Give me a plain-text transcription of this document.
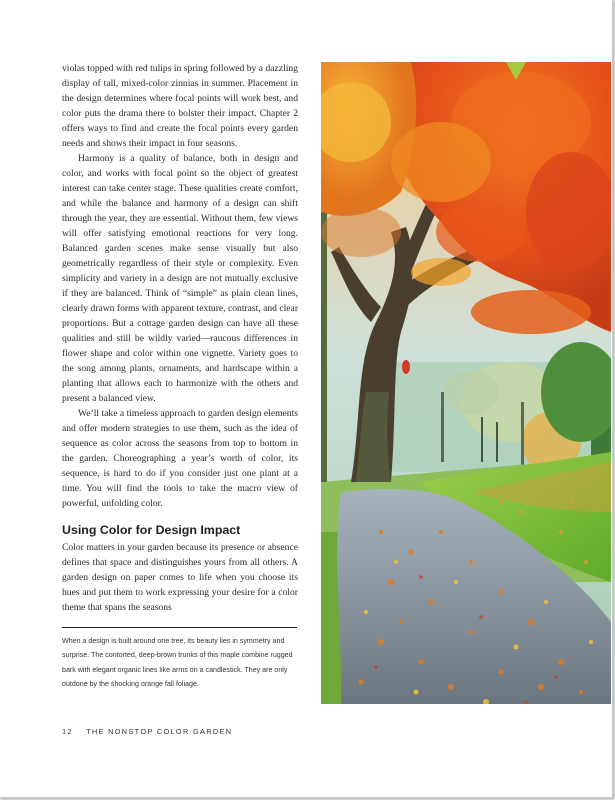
violas topped with red tulips in spring followed by a dazzling display of tall, mixed-color zinnias in summer. Placement in the design determines where focal points will work best, and color puts the drama there to bolster their impact. Chapter 2 offers ways to find and create the focal points every garden needs and shows their impact in four seasons.

Harmony is a quality of balance, both in design and color, and works with focal point so the object of greatest interest can take center stage. These qualities create comfort, and while the balance and harmony of a design can shift through the year, they are essential. Without them, few views will offer satisfying emotional reactions for very long. Balanced garden scenes make sense visually but also geometrically regardless of their style or complexity. Even simplicity and variety in a design are not mutually exclusive if they are balanced. Think of “simple” as plain clean lines, clearly drawn forms with apparent texture, contrast, and clear proportions. But a cottage garden design can have all these qualities and still be wildly varied—raucous differences in flower shape and color within one vignette. Variety goes to the song among plants, ornaments, and hardscape within a planting that allows each to harmonize with the others and present a balanced view.

We’ll take a timeless approach to garden design elements and offer modern strategies to use them, such as the idea of sequence as color across the seasons from top to bottom in the garden. Choreographing a year’s worth of color, its sequence, is hard to do if you consider just one plant at a time. You will find the tools to take the macro view of powerful, unfolding color.

Using Color for Design Impact

Color matters in your garden because its presence or absence defines that space and distinguishes yours from all others. A garden design on paper comes to life when you choose its hues and put them to work expressing your desire for a color theme that spans the seasons

When a design is built around one tree, its beauty lies in symmetry and surprise. The contorted, deep-brown trunks of this maple combine rugged bark with elegant organic lines like arms on a candlestick. They are only outdone by the shocking orange fall foliage.
12 THE NONSTOP COLOR GARDEN
